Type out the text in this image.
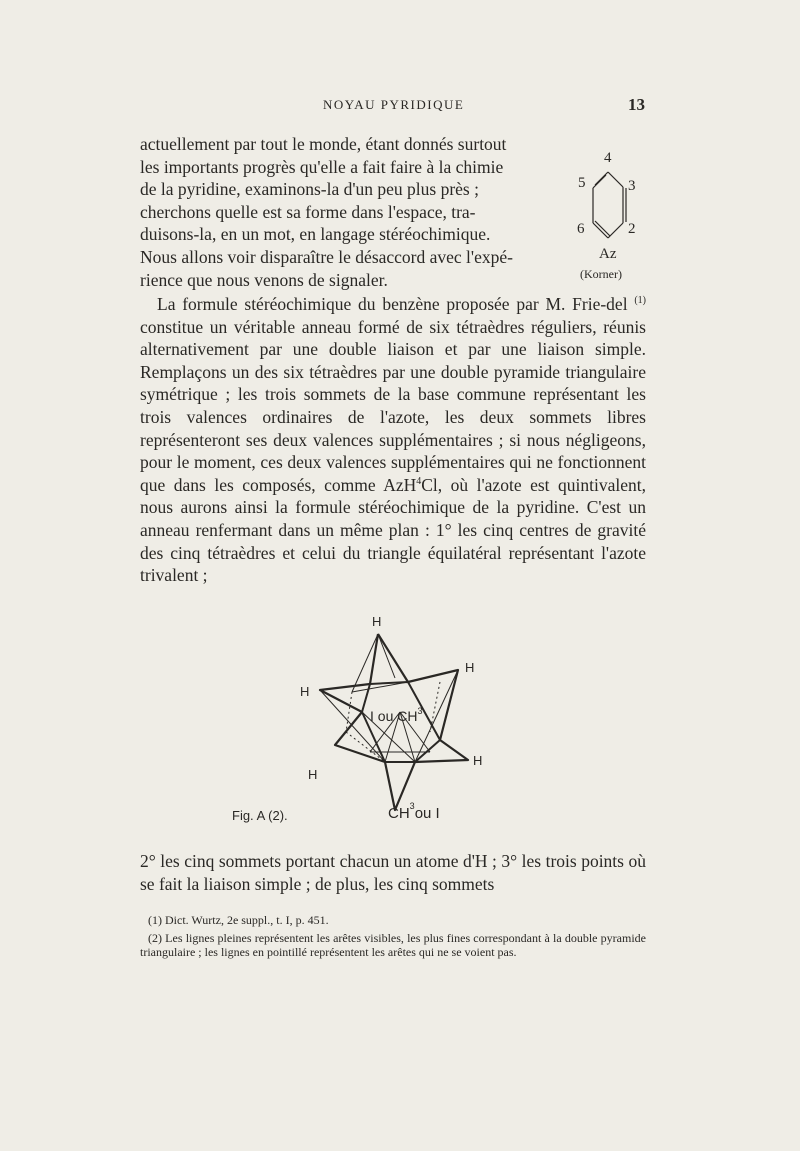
NOYAU PYRIDIQUE	13

actuellement par tout le monde, étant donnés surtout

les importants progrès qu'elle a fait faire à la chimie

de la pyridine, examinons-la d'un peu plus près ;

cherchons quelle est sa forme dans l'espace, tra-

duisons-la, en un mot, en langage stéréochimique.

Nous allons voir disparaître le désaccord avec l'expé-

rience que nous venons de signaler.

4
5	3
6	2
Az
(Korner)

La formule stéréochimique du benzène proposée par M. Frie-del $^{(1)}$ constitue un véritable anneau formé de six tétraèdres réguliers, réunis alternativement par une double liaison et par une liaison simple. Remplaçons un des six tétraèdres par une double pyramide triangulaire symétrique ; les trois sommets de la base commune représentant les trois valences ordinaires de l'azote, les deux sommets libres représenteront ses deux valences supplémentaires ; si nous négligeons, pour le moment, ces deux valences supplémentaires qui ne fonctionnent que dans les composés, comme AzH$^4$Cl, où l'azote est quintivalent, nous aurons ainsi la formule stéréochimique de la pyridine. C'est un anneau renfermant dans un même plan : 1° les cinq centres de gravité des cinq tétraèdres et celui du triangle équilatéral représentant l'azote trivalent ;

H
H
H
H
H
I ou $CH^3$
$CH^3ou$ I
Fig. A (2).

2° les cinq sommets portant chacun un atome d'H ; 3° les trois points où se fait la liaison simple ; de plus, les cinq sommets

(1) Dict. Wurtz, 2e suppl., t. I, p. 451.

(2) Les lignes pleines représentent les arêtes visibles, les plus fines correspondant à la double pyramide triangulaire ; les lignes en pointillé représentent les arêtes qui ne se voient pas.
